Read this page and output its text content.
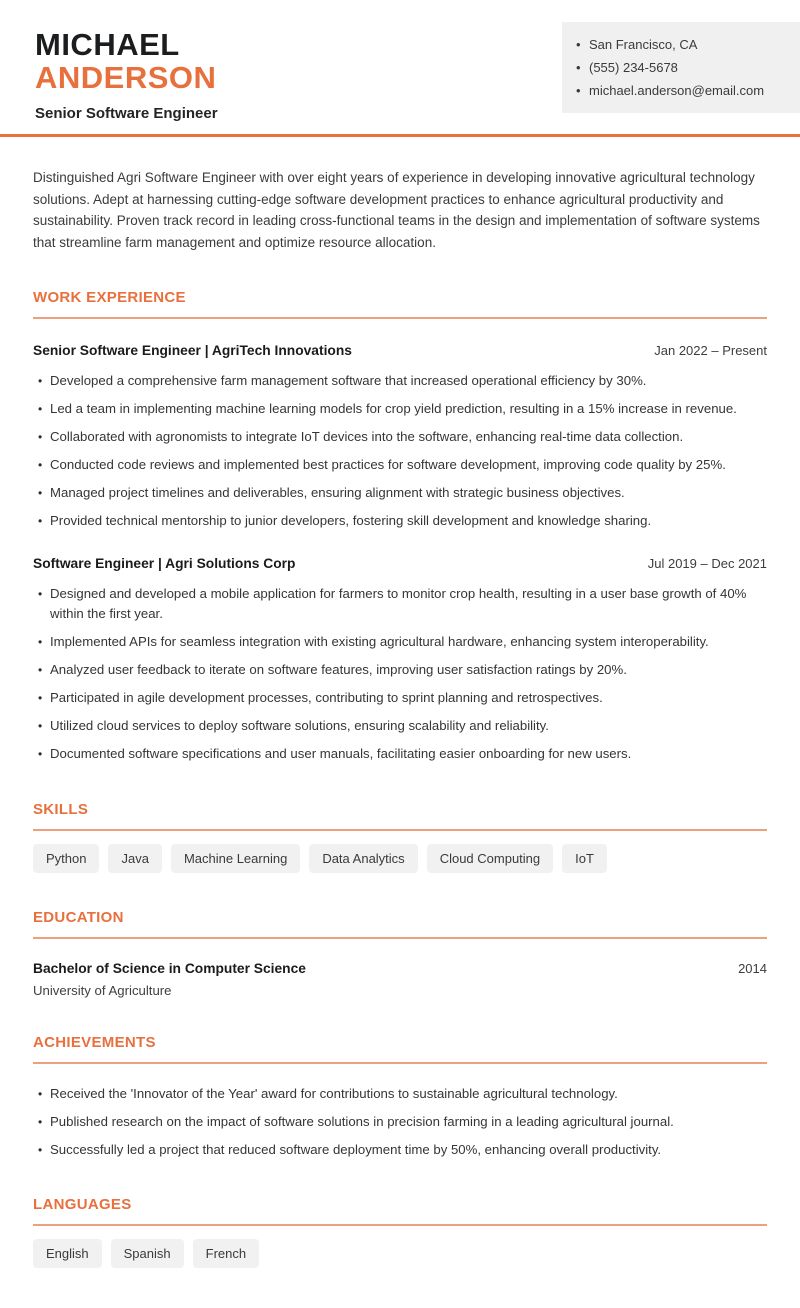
MICHAEL
ANDERSON
Senior Software Engineer
• San Francisco, CA
• (555) 234-5678
• michael.anderson@email.com

Distinguished Agri Software Engineer with over eight years of experience in developing innovative agricultural technology solutions. Adept at harnessing cutting-edge software development practices to enhance agricultural productivity and sustainability. Proven track record in leading cross-functional teams in the design and implementation of software systems that streamline farm management and optimize resource allocation.

WORK EXPERIENCE
Senior Software Engineer | AgriTech Innovations	Jan 2022 – Present
• Developed a comprehensive farm management software that increased operational efficiency by 30%.
• Led a team in implementing machine learning models for crop yield prediction, resulting in a 15% increase in revenue.
• Collaborated with agronomists to integrate IoT devices into the software, enhancing real-time data collection.
• Conducted code reviews and implemented best practices for software development, improving code quality by 25%.
• Managed project timelines and deliverables, ensuring alignment with strategic business objectives.
• Provided technical mentorship to junior developers, fostering skill development and knowledge sharing.
Software Engineer | Agri Solutions Corp	Jul 2019 – Dec 2021
• Designed and developed a mobile application for farmers to monitor crop health, resulting in a user base growth of 40% within the first year.
• Implemented APIs for seamless integration with existing agricultural hardware, enhancing system interoperability.
• Analyzed user feedback to iterate on software features, improving user satisfaction ratings by 20%.
• Participated in agile development processes, contributing to sprint planning and retrospectives.
• Utilized cloud services to deploy software solutions, ensuring scalability and reliability.
• Documented software specifications and user manuals, facilitating easier onboarding for new users.
SKILLS
Python	Java	Machine Learning	Data Analytics	Cloud Computing	IoT
EDUCATION
Bachelor of Science in Computer Science	2014
University of Agriculture
ACHIEVEMENTS
• Received the 'Innovator of the Year' award for contributions to sustainable agricultural technology.
• Published research on the impact of software solutions in precision farming in a leading agricultural journal.
• Successfully led a project that reduced software deployment time by 50%, enhancing overall productivity.
LANGUAGES
English	Spanish	French
